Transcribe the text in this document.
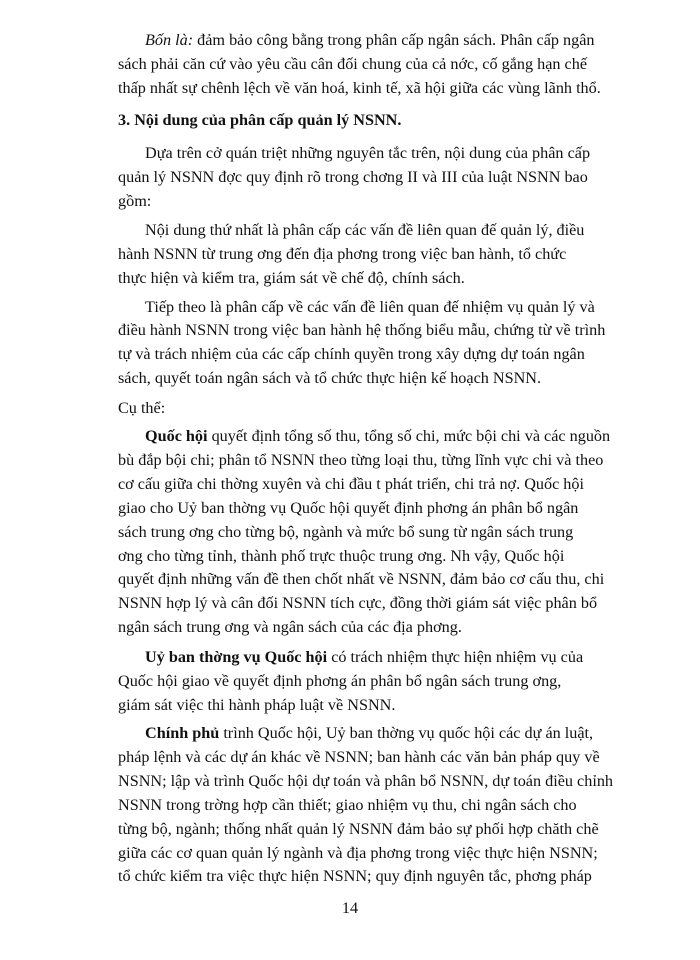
Bốn là: đảm bảo công bằng trong phân cấp ngân sách. Phân cấp ngân
sách phải căn cứ vào yêu cầu cân đối chung của cả nớc, cố gắng hạn chế
thấp nhất sự chênh lệch về văn hoá, kinh tế, xã hội giữa các vùng lãnh thổ.
3. Nội dung của phân cấp quản lý NSNN.
Dựa trên cở quán triệt những nguyên tắc trên, nội dung của phân cấp
quản lý NSNN đợc quy định rõ trong chơng II và III của luật NSNN bao
gồm:
Nội dung thứ nhất là phân cấp các vấn đề liên quan đế quản lý, điều
hành NSNN từ trung ơng đến địa phơng trong việc ban hành, tổ chức
thực hiện và kiểm tra, giám sát về chế độ, chính sách.
Tiếp theo là phân cấp về các vấn đề liên quan đế nhiệm vụ quản lý và
điều hành NSNN trong việc ban hành hệ thống biểu mẫu, chứng từ về trình
tự và trách nhiệm của các cấp chính quyền trong xây dựng dự toán ngân
sách, quyết toán ngân sách và tổ chức thực hiện kế hoạch NSNN.
Cụ thể:
Quốc hội quyết định tổng số thu, tổng số chi, mức bội chi và các nguồn
bù đắp bội chi; phân tổ NSNN theo từng loại thu, từng lĩnh vực chi và theo
cơ cấu giữa chi thờng xuyên và chi đầu t phát triển, chi trả nợ. Quốc hội
giao cho Uỷ ban thờng vụ Quốc hội quyết định phơng án phân bổ ngân
sách trung ơng cho từng bộ, ngành và mức bổ sung từ ngân sách trung
ơng cho từng tỉnh, thành phố trực thuộc trung ơng. Nh vậy, Quốc hội
quyết định những vấn đề then chốt nhất về NSNN, đảm bảo cơ cấu thu, chi
NSNN hợp lý và cân đối NSNN tích cực, đồng thời giám sát việc phân bổ
ngân sách trung ơng và ngân sách của các địa phơng.
Uỷ ban thờng vụ Quốc hội có trách nhiệm thực hiện nhiệm vụ của
Quốc hội giao về quyết định phơng án phân bổ ngân sách trung ơng,
giám sát việc thi hành pháp luật về NSNN.
Chính phủ trình Quốc hội, Uỷ ban thờng vụ quốc hội các dự án luật,
pháp lệnh và các dự án khác về NSNN; ban hành các văn bản pháp quy về
NSNN; lập và trình Quốc hội dự toán và phân bổ NSNN, dự toán điều chỉnh
NSNN trong trờng hợp cần thiết; giao nhiệm vụ thu, chi ngân sách cho
từng bộ, ngành; thống nhất quản lý NSNN đảm bảo sự phối hợp chăth chẽ
giữa các cơ quan quản lý ngành và địa phơng trong việc thực hiện NSNN;
tổ chức kiểm tra việc thực hiện NSNN; quy định nguyên tắc, phơng pháp
14
